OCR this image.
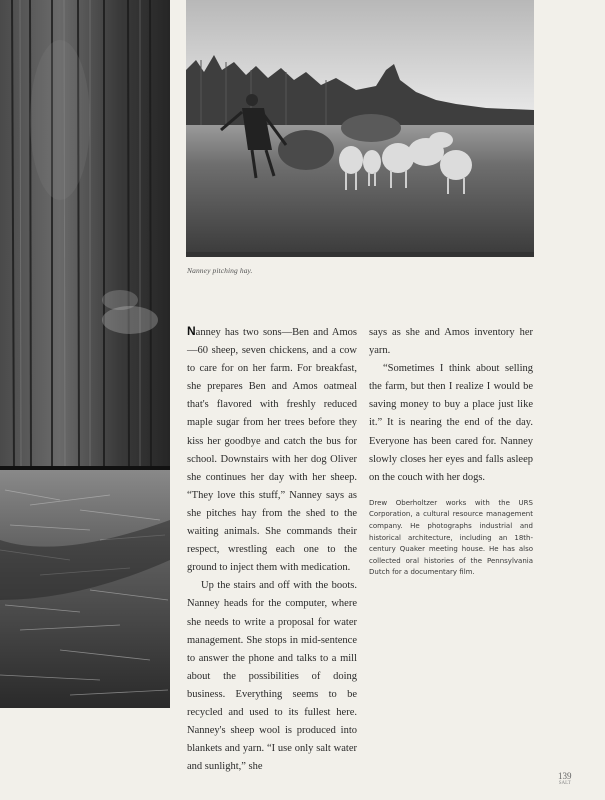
Nanney pitching hay.

Nanney has two sons—Ben and Amos—60 sheep, seven chickens, and a cow to care for on her farm. For breakfast, she prepares Ben and Amos oatmeal that's flavored with freshly reduced maple sugar from her trees before they kiss her goodbye and catch the bus for school. Downstairs with her dog Oliver she continues her day with her sheep. “They love this stuff,” Nanney says as she pitches hay from the shed to the waiting animals. She commands their respect, wrestling each one to the ground to inject them with medication.

Up the stairs and off with the boots. Nanney heads for the computer, where she needs to write a proposal for water management. She stops in mid-sentence to answer the phone and talks to a mill about the possibilities of doing business. Everything seems to be recycled and used to its fullest here. Nanney's sheep wool is produced into blankets and yarn. “I use only salt water and sunlight,” she

says as she and Amos inventory her yarn.

“Sometimes I think about selling the farm, but then I realize I would be saving money to buy a place just like it.” It is nearing the end of the day. Everyone has been cared for. Nanney slowly closes her eyes and falls asleep on the couch with her dogs.

Drew Oberholtzer works with the URS Corporation, a cultural resource management company. He photographs industrial and historical architecture, including an 18th-century Quaker meeting house. He has also collected oral histories of the Pennsylvania Dutch for a documentary film.
139
SALT
